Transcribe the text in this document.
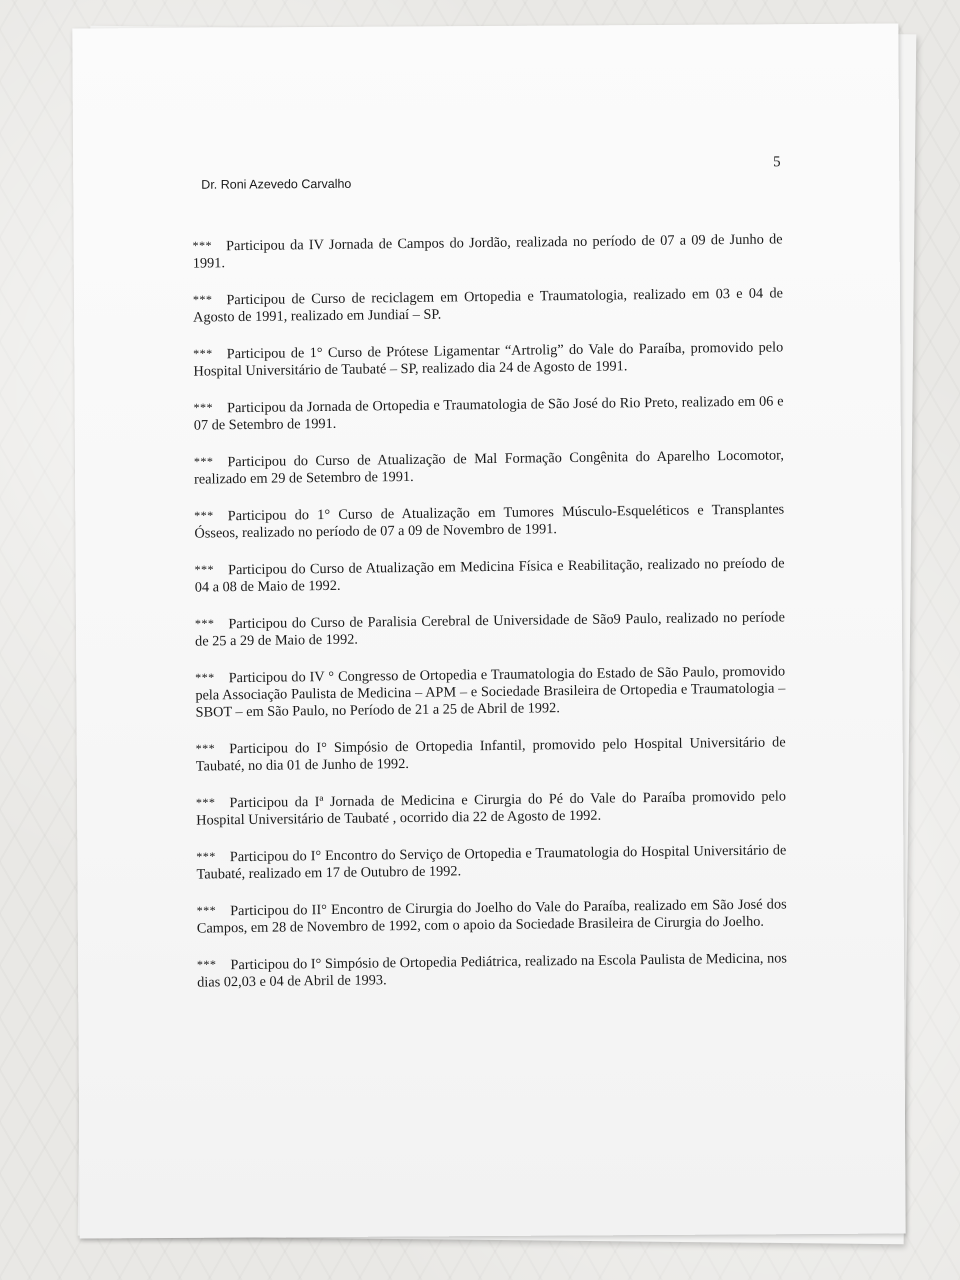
5
Dr. Roni Azevedo Carvalho

*** Participou da IV Jornada de Campos do Jordão, realizada no período de 07 a 09 de Junho de 1991.

*** Participou de Curso de reciclagem em Ortopedia e Traumatologia, realizado em 03 e 04 de Agosto de 1991, realizado em Jundiaí – SP.

*** Participou de 1° Curso de Prótese Ligamentar “Artrolig” do Vale do Paraíba, promovido pelo Hospital Universitário de Taubaté – SP, realizado dia 24 de Agosto de 1991.

*** Participou da Jornada de Ortopedia e Traumatologia de São José do Rio Preto, realizado em 06 e 07 de Setembro de 1991.

*** Participou do Curso de Atualização de Mal Formação Congênita do Aparelho Locomotor, realizado em 29 de Setembro de 1991.

*** Participou do 1° Curso de Atualização em Tumores Músculo-Esqueléticos e Transplantes Ósseos, realizado no período de 07 a 09 de Novembro de 1991.

*** Participou do Curso de Atualização em Medicina Física e Reabilitação, realizado no preíodo de 04 a 08 de Maio de 1992.

*** Participou do Curso de Paralisia Cerebral de Universidade de São9 Paulo, realizado no període de 25 a 29 de Maio de 1992.

*** Participou do IV ° Congresso de Ortopedia e Traumatologia do Estado de São Paulo, promovido pela Associação Paulista de Medicina – APM – e Sociedade Brasileira de Ortopedia e Traumatologia – SBOT – em São Paulo, no Período de 21 a 25 de Abril de 1992.

*** Participou do I° Simpósio de Ortopedia Infantil, promovido pelo Hospital Universitário de Taubaté, no dia 01 de Junho de 1992.

*** Participou da Iª Jornada de Medicina e Cirurgia do Pé do Vale do Paraíba promovido pelo Hospital Universitário de Taubaté , ocorrido dia 22 de Agosto de 1992.

*** Participou do I° Encontro do Serviço de Ortopedia e Traumatologia do Hospital Universitário de Taubaté, realizado em 17 de Outubro de 1992.

*** Participou do II° Encontro de Cirurgia do Joelho do Vale do Paraíba, realizado em São José dos Campos, em 28 de Novembro de 1992, com o apoio da Sociedade Brasileira de Cirurgia do Joelho.

*** Participou do I° Simpósio de Ortopedia Pediátrica, realizado na Escola Paulista de Medicina, nos dias 02,03 e 04 de Abril de 1993.
